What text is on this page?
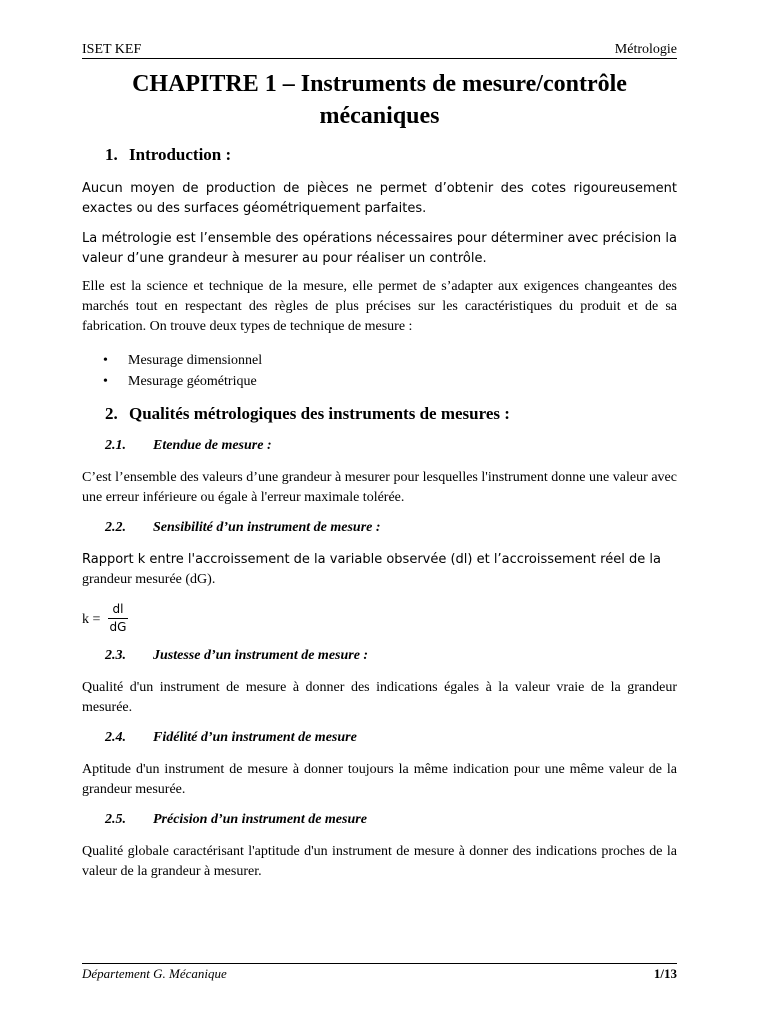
ISET KEF	Métrologie
CHAPITRE 1 – Instruments de mesure/contrôle
mécaniques
1. Introduction :
Aucun moyen de production de pièces ne permet d’obtenir des cotes rigoureusement exactes ou des surfaces géométriquement parfaites.
La métrologie est l’ensemble des opérations nécessaires pour déterminer avec précision la valeur d’une grandeur à mesurer au pour réaliser un contrôle.
Elle est la science et technique de la mesure, elle permet de s’adapter aux exigences changeantes des marchés tout en respectant des règles de plus précises sur les caractéristiques du produit et de sa fabrication. On trouve deux types de technique de mesure :
• Mesurage dimensionnel
• Mesurage géométrique
2. Qualités métrologiques des instruments de mesures :
2.1. Etendue de mesure :
C’est l’ensemble des valeurs d’une grandeur à mesurer pour lesquelles l'instrument donne une valeur avec une erreur inférieure ou égale à l'erreur maximale tolérée.
2.2. Sensibilité d’un instrument de mesure :
Rapport k entre l'accroissement de la variable observée (dl) et l’accroissement réel de la
grandeur mesurée (dG).
k =
dl
dG
2.3. Justesse d’un instrument de mesure :
Qualité d'un instrument de mesure à donner des indications égales à la valeur vraie de la grandeur mesurée.
2.4. Fidélité d’un instrument de mesure
Aptitude d'un instrument de mesure à donner toujours la même indication pour une même valeur de la grandeur mesurée.
2.5. Précision d’un instrument de mesure
Qualité globale caractérisant l'aptitude d'un instrument de mesure à donner des indications proches de la valeur de la grandeur à mesurer.
Département G. Mécanique	1/13
